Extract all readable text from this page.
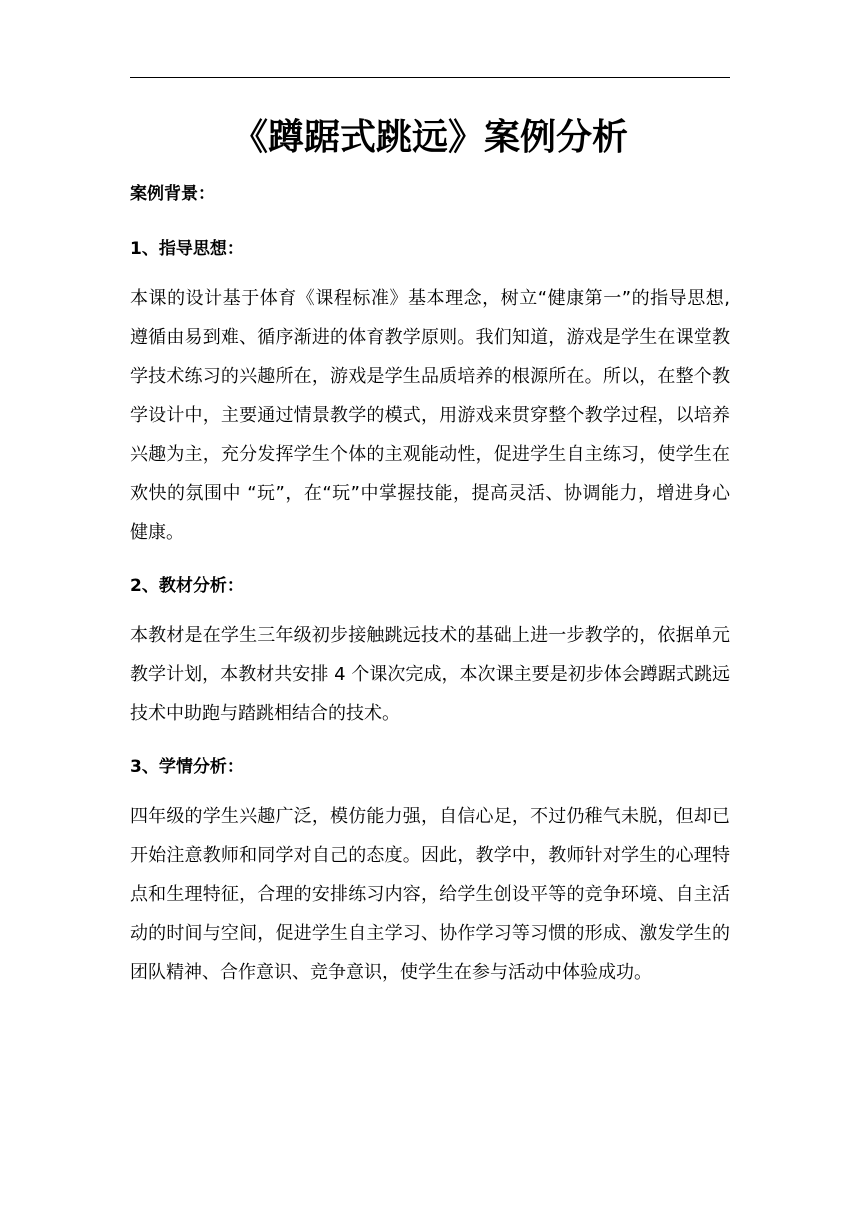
《蹲踞式跳远》案例分析

案例背景：

1、指导思想：

本课的设计基于体育《课程标准》基本理念，树立“健康第一”的指导思想, 遵循由易到难、循序渐进的体育教学原则。我们知道，游戏是学生在课堂教学技术练习的兴趣所在，游戏是学生品质培养的根源所在。所以，在整个教学设计中，主要通过情景教学的模式，用游戏来贯穿整个教学过程，以培养兴趣为主，充分发挥学生个体的主观能动性，促进学生自主练习，使学生在欢快的氛围中 “玩”，在“玩”中掌握技能，提高灵活、协调能力，增进身心健康。

2、教材分析：

本教材是在学生三年级初步接触跳远技术的基础上进一步教学的，依据单元教学计划，本教材共安排 4 个课次完成，本次课主要是初步体会蹲踞式跳远技术中助跑与踏跳相结合的技术。

3、学情分析：

四年级的学生兴趣广泛，模仿能力强，自信心足，不过仍稚气未脱，但却已开始注意教师和同学对自己的态度。因此，教学中，教师针对学生的心理特点和生理特征，合理的安排练习内容，给学生创设平等的竞争环境、自主活动的时间与空间，促进学生自主学习、协作学习等习惯的形成、激发学生的团队精神、合作意识、竞争意识，使学生在参与活动中体验成功。
